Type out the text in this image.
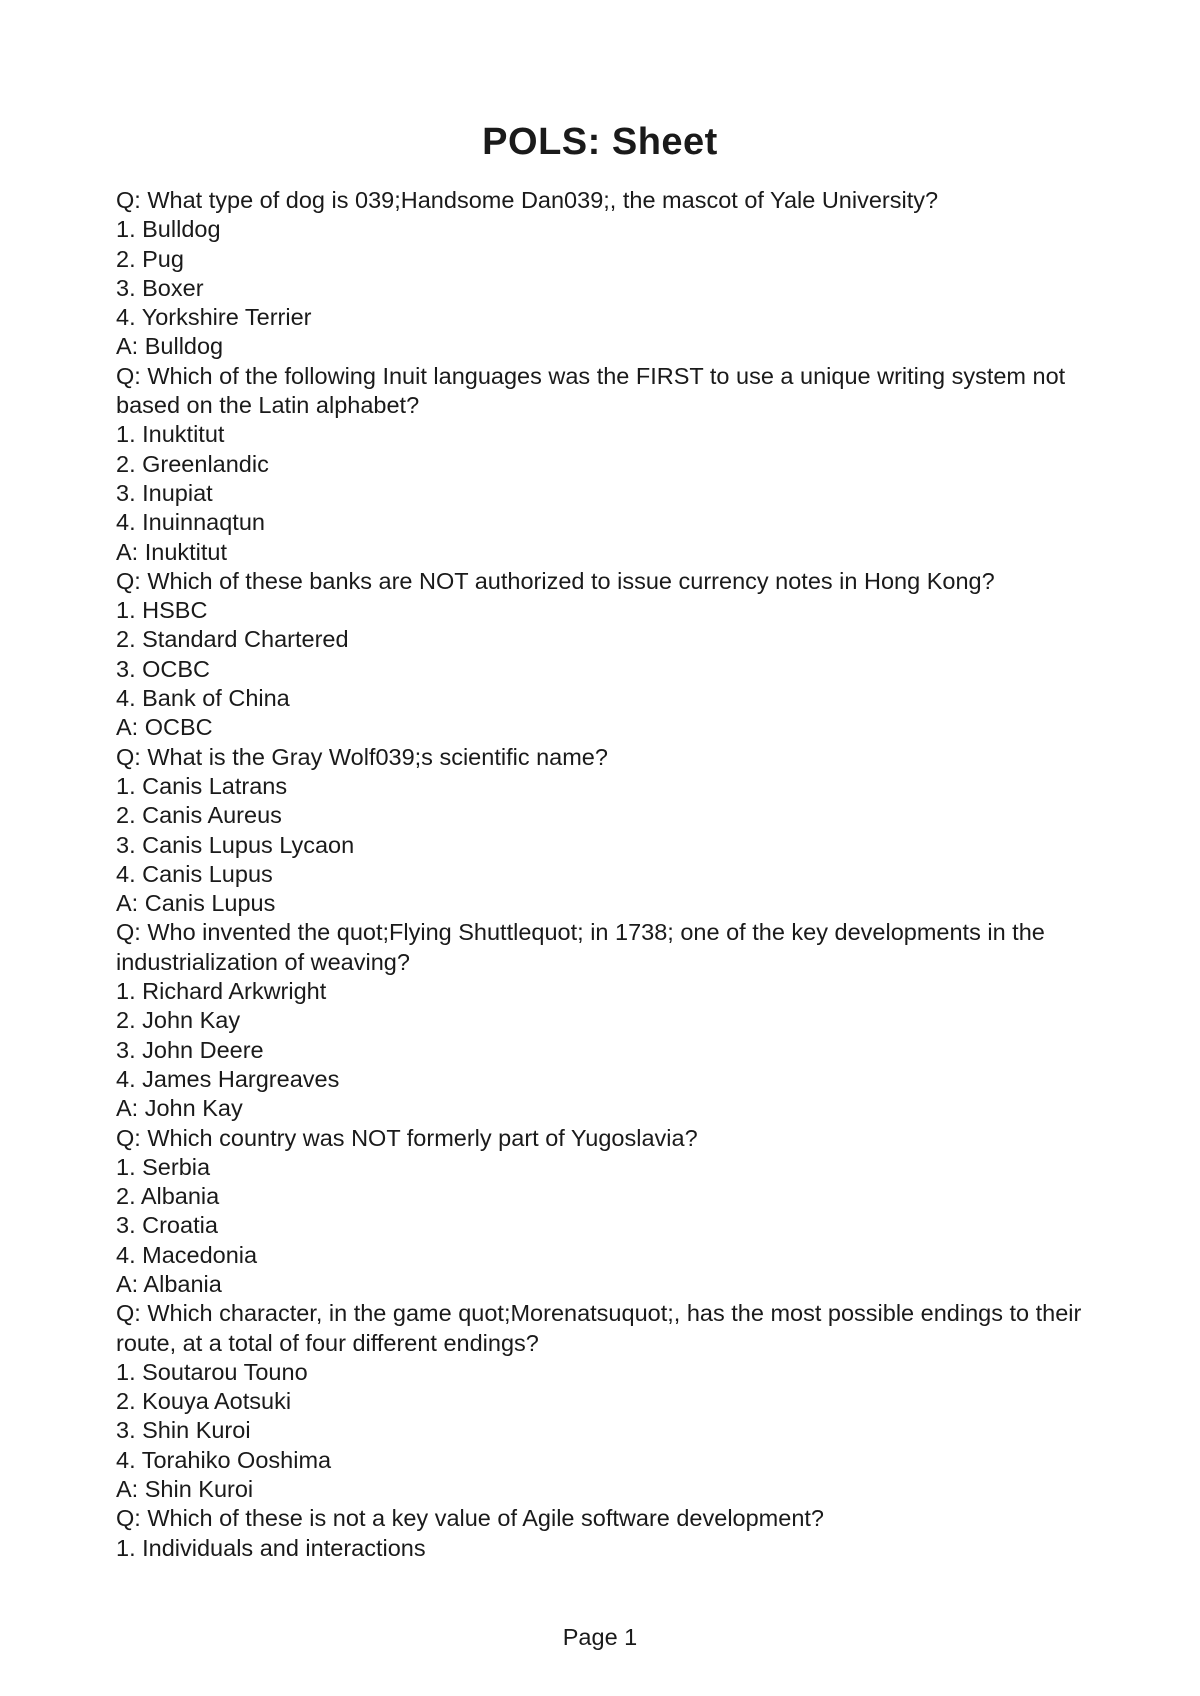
POLS: Sheet
Q: What type of dog is 039;Handsome Dan039;, the mascot of Yale University?
1. Bulldog
2. Pug
3. Boxer
4. Yorkshire Terrier
A: Bulldog
Q: Which of the following Inuit languages was the FIRST to use a unique writing system not based on the Latin alphabet?
1. Inuktitut
2. Greenlandic
3. Inupiat
4. Inuinnaqtun
A: Inuktitut
Q: Which of these banks are NOT authorized to issue currency notes in Hong Kong?
1. HSBC
2. Standard Chartered
3. OCBC
4. Bank of China
A: OCBC
Q: What is the Gray Wolf039;s scientific name?
1. Canis Latrans
2. Canis Aureus
3. Canis Lupus Lycaon
4. Canis Lupus
A: Canis Lupus
Q: Who invented the quot;Flying Shuttlequot; in 1738; one of the key developments in the industrialization of weaving?
1. Richard Arkwright
2. John Kay
3. John Deere
4. James Hargreaves
A: John Kay
Q: Which country was NOT formerly part of Yugoslavia?
1. Serbia
2. Albania
3. Croatia
4. Macedonia
A: Albania
Q: Which character, in the game quot;Morenatsuquot;, has the most possible endings to their route, at a total of four different endings?
1. Soutarou Touno
2. Kouya Aotsuki
3. Shin Kuroi
4. Torahiko Ooshima
A: Shin Kuroi
Q: Which of these is not a key value of Agile software development?
1. Individuals and interactions
Page 1
